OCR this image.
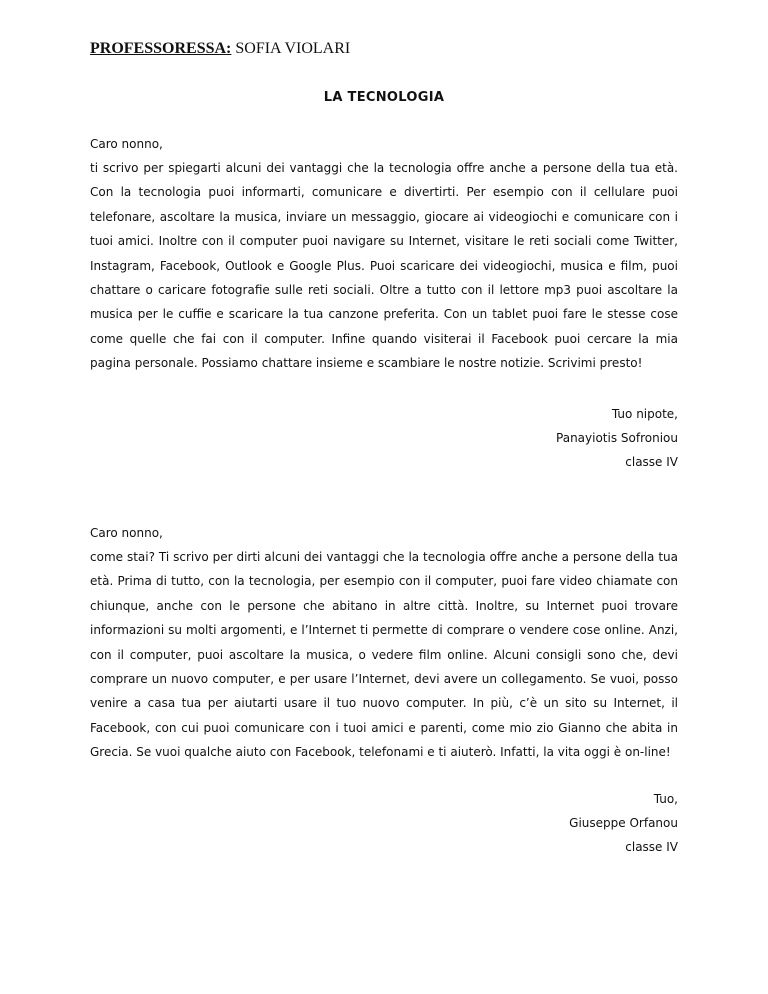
PROFESSORESSA: SOFIA VIOLARI
LA TECNOLOGIA
Caro nonno,

ti scrivo per spiegarti alcuni dei vantaggi che la tecnologia offre anche a persone della tua età. Con la tecnologia puoi informarti, comunicare e divertirti. Per esempio con il cellulare puoi telefonare, ascoltare la musica, inviare un messaggio, giocare ai videogiochi e comunicare con i tuoi amici. Inoltre con il computer puoi navigare su Internet, visitare le reti sociali come Twitter, Instagram, Facebook, Outlook e Google Plus. Puoi scaricare dei videogiochi, musica e film, puoi chattare o caricare fotografie sulle reti sociali. Oltre a tutto con il lettore mp3 puoi ascoltare la musica per le cuffie e scaricare la tua canzone preferita. Con un tablet puoi fare le stesse cose come quelle che fai con il computer. Infine quando visiterai il Facebook puoi cercare la mia pagina personale. Possiamo chattare insieme e scambiare le nostre notizie. Scrivimi presto!

Tuo nipote,
Panayiotis Sofroniou
classe IV
Caro nonno,

come stai? Ti scrivo per dirti alcuni dei vantaggi che la tecnologia offre anche a persone della tua età. Prima di tutto, con la tecnologia, per esempio con il computer, puoi fare video chiamate con chiunque, anche con le persone che abitano in altre città. Inoltre, su Internet puoi trovare informazioni su molti argomenti, e l’Internet ti permette di comprare o vendere cose online. Anzi, con il computer, puoi ascoltare la musica, o vedere film online. Alcuni consigli sono che, devi comprare un nuovo computer, e per usare l’Internet, devi avere un collegamento. Se vuoi, posso venire a casa tua per aiutarti usare il tuo nuovo computer. In più, c’è un sito su Internet, il Facebook, con cui puoi comunicare con i tuoi amici e parenti, come mio zio Gianno che abita in Grecia. Se vuoi qualche aiuto con Facebook, telefonami e ti aiuterò. Infatti, la vita oggi è on-line!

Tuo,
Giuseppe Orfanou
classe IV
